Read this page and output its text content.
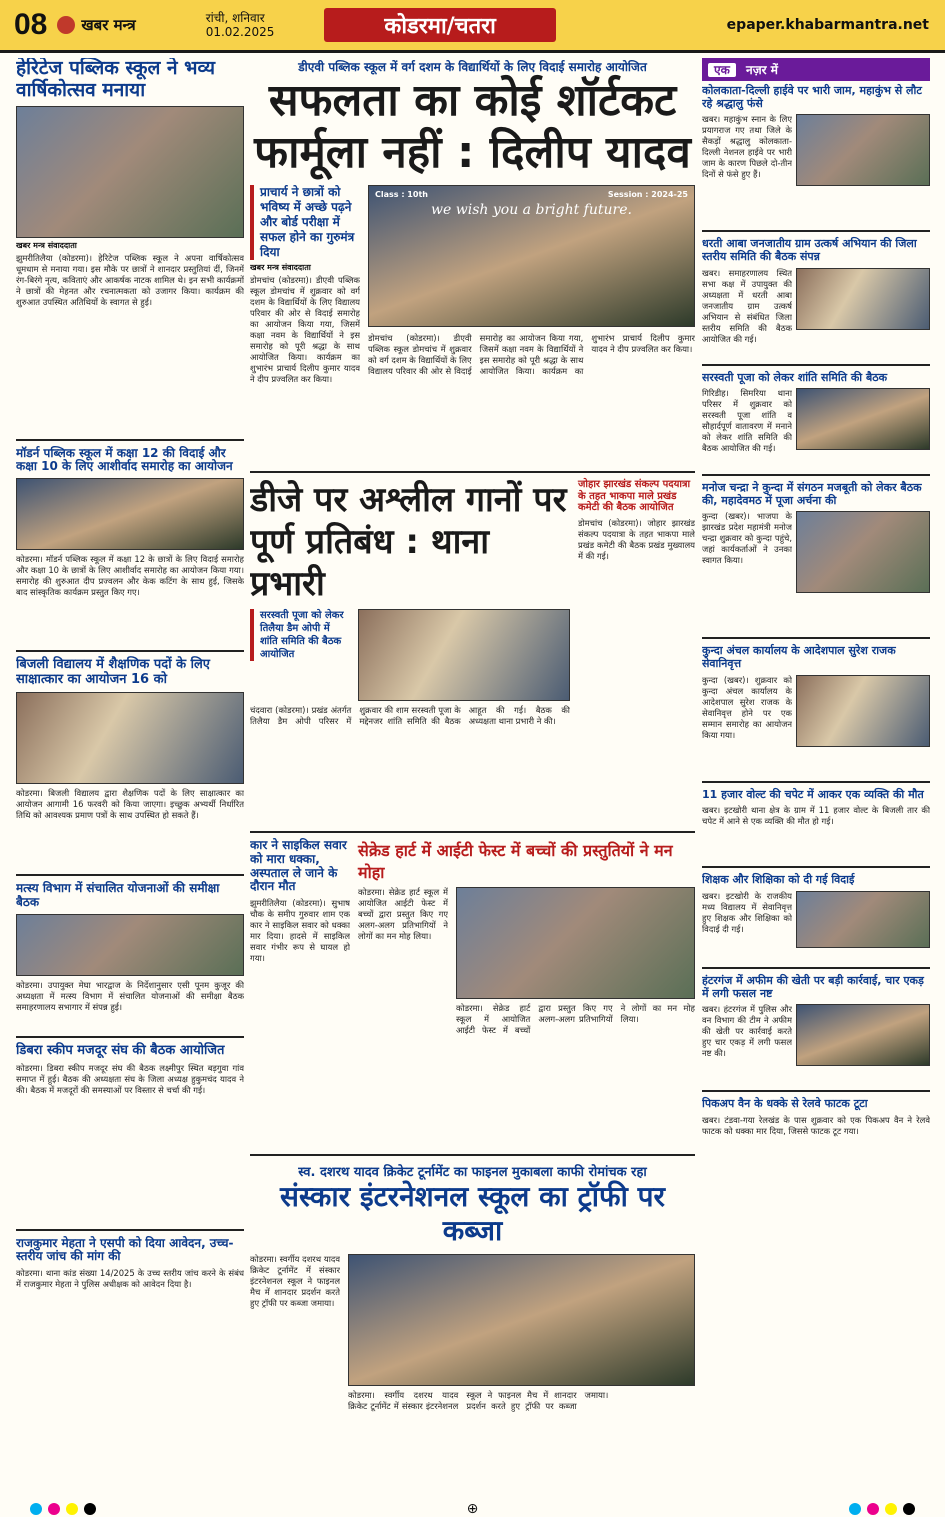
08	खबर मन्त्र	रांची, शनिवार
01.02.2025	कोडरमा/चतरा	epaper.khabarmantra.net
हेरिटेज पब्लिक स्कूल ने भव्य वार्षिकोत्सव मनाया
खबर मन्त्र संवाददाता
झुमरीतिलैया (कोडरमा)। हेरिटेज पब्लिक स्कूल ने अपना वार्षिकोत्सव धूमधाम से मनाया गया। इस मौके पर छात्रों ने शानदार प्रस्तुतियां दीं, जिनमें रंग-बिरंगे नृत्य, कविताएं और आकर्षक नाटक शामिल थे। इन सभी कार्यक्रमों ने छात्रों की मेहनत और रचनात्मकता को उजागर किया। कार्यक्रम की शुरुआत उपस्थित अतिथियों के स्वागत से हुई।
मॉडर्न पब्लिक स्कूल में कक्षा 12 की विदाई और कक्षा 10 के लिए आशीर्वाद समारोह का आयोजन
कोडरमा। मॉडर्न पब्लिक स्कूल में कक्षा 12 के छात्रों के लिए विदाई समारोह और कक्षा 10 के छात्रों के लिए आशीर्वाद समारोह का आयोजन किया गया। समारोह की शुरुआत दीप प्रज्वलन और केक कटिंग के साथ हुई, जिसके बाद सांस्कृतिक कार्यक्रम प्रस्तुत किए गए।
बिजली विद्यालय में शैक्षणिक पदों के लिए साक्षात्कार का आयोजन 16 को
कोडरमा। बिजली विद्यालय द्वारा शैक्षणिक पदों के लिए साक्षात्कार का आयोजन आगामी 16 फरवरी को किया जाएगा। इच्छुक अभ्यर्थी निर्धारित तिथि को आवश्यक प्रमाण पत्रों के साथ उपस्थित हो सकते हैं।
मत्स्य विभाग में संचालित योजनाओं की समीक्षा बैठक
कोडरमा। उपायुक्त मेघा भारद्वाज के निर्देशानुसार एसी पूनम कुजूर की अध्यक्षता में मत्स्य विभाग में संचालित योजनाओं की समीक्षा बैठक समाहरणालय सभागार में संपन्न हुई।
डिबरा स्कीप मजदूर संघ की बैठक आयोजित
कोडरमा। डिबरा स्कीप मजदूर संघ की बैठक लक्ष्मीपुर स्थित बड़गुवा गांव समाप्त में हुई। बैठक की अध्यक्षता संघ के जिला अध्यक्ष हुकुमचंद यादव ने की। बैठक में मजदूरों की समस्याओं पर विस्तार से चर्चा की गई।
राजकुमार मेहता ने एसपी को दिया आवेदन, उच्च-स्तरीय जांच की मांग की
कोडरमा। थाना कांड संख्या 14/2025 के उच्च स्तरीय जांच करने के संबंध में राजकुमार मेहता ने पुलिस अधीक्षक को आवेदन दिया है।
डीएवी पब्लिक स्कूल में वर्ग दशम के विद्यार्थियों के लिए विदाई समारोह आयोजित
सफलता का कोई शॉर्टकट फार्मूला नहीं : दिलीप यादव
प्राचार्य ने छात्रों को भविष्य में अच्छे पढ़ने और बोर्ड परीक्षा में सफल होने का गुरुमंत्र दिया
खबर मन्त्र संवाददाता
डोमचांच (कोडरमा)। डीएवी पब्लिक स्कूल डोमचांच में शुक्रवार को वर्ग दशम के विद्यार्थियों के लिए विद्यालय परिवार की ओर से विदाई समारोह का आयोजन किया गया, जिसमें कक्षा नवम के विद्यार्थियों ने इस समारोह को पूरी श्रद्धा के साथ आयोजित किया। कार्यक्रम का शुभारंभ प्राचार्य दिलीप कुमार यादव ने दीप प्रज्वलित कर किया।
Class : 10th	Session : 2024-25
we wish you a bright future.
डोमचांच (कोडरमा)। डीएवी पब्लिक स्कूल डोमचांच में शुक्रवार को वर्ग दशम के विद्यार्थियों के लिए विद्यालय परिवार की ओर से विदाई समारोह का आयोजन किया गया, जिसमें कक्षा नवम के विद्यार्थियों ने इस समारोह को पूरी श्रद्धा के साथ आयोजित किया। कार्यक्रम का शुभारंभ प्राचार्य दिलीप कुमार यादव ने दीप प्रज्वलित कर किया।
डीजे पर अश्लील गानों पर पूर्ण प्रतिबंध : थाना प्रभारी
सरस्वती पूजा को लेकर तिलैया डैम ओपी में शांति समिति की बैठक आयोजित
चंदवारा (कोडरमा)। प्रखंड अंतर्गत तिलैया डैम ओपी परिसर में शुक्रवार की शाम सरस्वती पूजा के मद्देनजर शांति समिति की बैठक आहूत की गई। बैठक की अध्यक्षता थाना प्रभारी ने की।
जोहार झारखंड संकल्प पदयात्रा के तहत भाकपा माले प्रखंड कमेटी की बैठक आयोजित
डोमचांच (कोडरमा)। जोहार झारखंड संकल्प पदयात्रा के तहत भाकपा माले प्रखंड कमेटी की बैठक प्रखंड मुख्यालय में की गई।
कार ने साइकिल सवार को मारा धक्का, अस्पताल ले जाने के दौरान मौत
झुमरीतिलैया (कोडरमा)। सुभाष चौक के समीप गुरुवार शाम एक कार ने साइकिल सवार को धक्का मार दिया। हादसे में साइकिल सवार गंभीर रूप से घायल हो गया।
सेक्रेड हार्ट में आईटी फेस्ट में बच्चों की प्रस्तुतियों ने मन मोहा
कोडरमा। सेक्रेड हार्ट स्कूल में आयोजित आईटी फेस्ट में बच्चों द्वारा प्रस्तुत किए गए अलग-अलग प्रतिभागियों ने लोगों का मन मोह लिया।
कोडरमा। सेक्रेड हार्ट स्कूल में आयोजित आईटी फेस्ट में बच्चों द्वारा प्रस्तुत किए गए अलग-अलग प्रतिभागियों ने लोगों का मन मोह लिया।
स्व. दशरथ यादव क्रिकेट टूर्नामेंट का फाइनल मुकाबला काफी रोमांचक रहा
संस्कार इंटरनेशनल स्कूल का ट्रॉफी पर कब्जा
कोडरमा। स्वर्गीय दशरथ यादव क्रिकेट टूर्नामेंट में संस्कार इंटरनेशनल स्कूल ने फाइनल मैच में शानदार प्रदर्शन करते हुए ट्रॉफी पर कब्जा जमाया।
कोडरमा। स्वर्गीय दशरथ यादव क्रिकेट टूर्नामेंट में संस्कार इंटरनेशनल स्कूल ने फाइनल मैच में शानदार प्रदर्शन करते हुए ट्रॉफी पर कब्जा जमाया।
एक नज़र में
कोलकाता-दिल्ली हाईवे पर भारी जाम, महाकुंभ से लौट रहे श्रद्धालु फंसे
खबर। महाकुंभ स्नान के लिए प्रयागराज गए तथा जिले के सैकड़ों श्रद्धालु कोलकाता-दिल्ली नेशनल हाईवे पर भारी जाम के कारण पिछले दो-तीन दिनों से फंसे हुए हैं।
धरती आबा जनजातीय ग्राम उत्कर्ष अभियान की जिला स्तरीय समिति की बैठक संपन्न
खबर। समाहरणालय स्थित सभा कक्ष में उपायुक्त की अध्यक्षता में धरती आबा जनजातीय ग्राम उत्कर्ष अभियान से संबंधित जिला स्तरीय समिति की बैठक आयोजित की गई।
सरस्वती पूजा को लेकर शांति समिति की बैठक
गिरिडीह। सिमरिया थाना परिसर में शुक्रवार को सरस्वती पूजा शांति व सौहार्दपूर्ण वातावरण में मनाने को लेकर शांति समिति की बैठक आयोजित की गई।
मनोज चन्द्रा ने कुन्दा में संगठन मजबूती को लेकर बैठक की, महादेवमठ में पूजा अर्चना की
कुन्दा (खबर)। भाजपा के झारखंड प्रदेश महामंत्री मनोज चन्द्रा शुक्रवार को कुन्दा पहुंचे, जहां कार्यकर्ताओं ने उनका स्वागत किया।
कुन्दा अंचल कार्यालय के आदेशपाल सुरेश राजक सेवानिवृत्त
कुन्दा (खबर)। शुक्रवार को कुन्दा अंचल कार्यालय के आदेशपाल सुरेश राजक के सेवानिवृत्त होने पर एक सम्मान समारोह का आयोजन किया गया।
11 हजार वोल्ट की चपेट में आकर एक व्यक्ति की मौत
खबर। इटखोरी थाना क्षेत्र के ग्राम में 11 हजार वोल्ट के बिजली तार की चपेट में आने से एक व्यक्ति की मौत हो गई।
शिक्षक और शिक्षिका को दी गई विदाई
खबर। इटखोरी के राजकीय मध्य विद्यालय में सेवानिवृत्त हुए शिक्षक और शिक्षिका को विदाई दी गई।
हंटरगंज में अफीम की खेती पर बड़ी कार्रवाई, चार एकड़ में लगी फसल नष्ट
खबर। हंटरगंज में पुलिस और वन विभाग की टीम ने अफीम की खेती पर कार्रवाई करते हुए चार एकड़ में लगी फसल नष्ट की।
पिकअप वैन के धक्के से रेलवे फाटक टूटा
खबर। टंडवा-गया रेलखंड के पास शुक्रवार को एक पिकअप वैन ने रेलवे फाटक को धक्का मार दिया, जिससे फाटक टूट गया।
⊕
